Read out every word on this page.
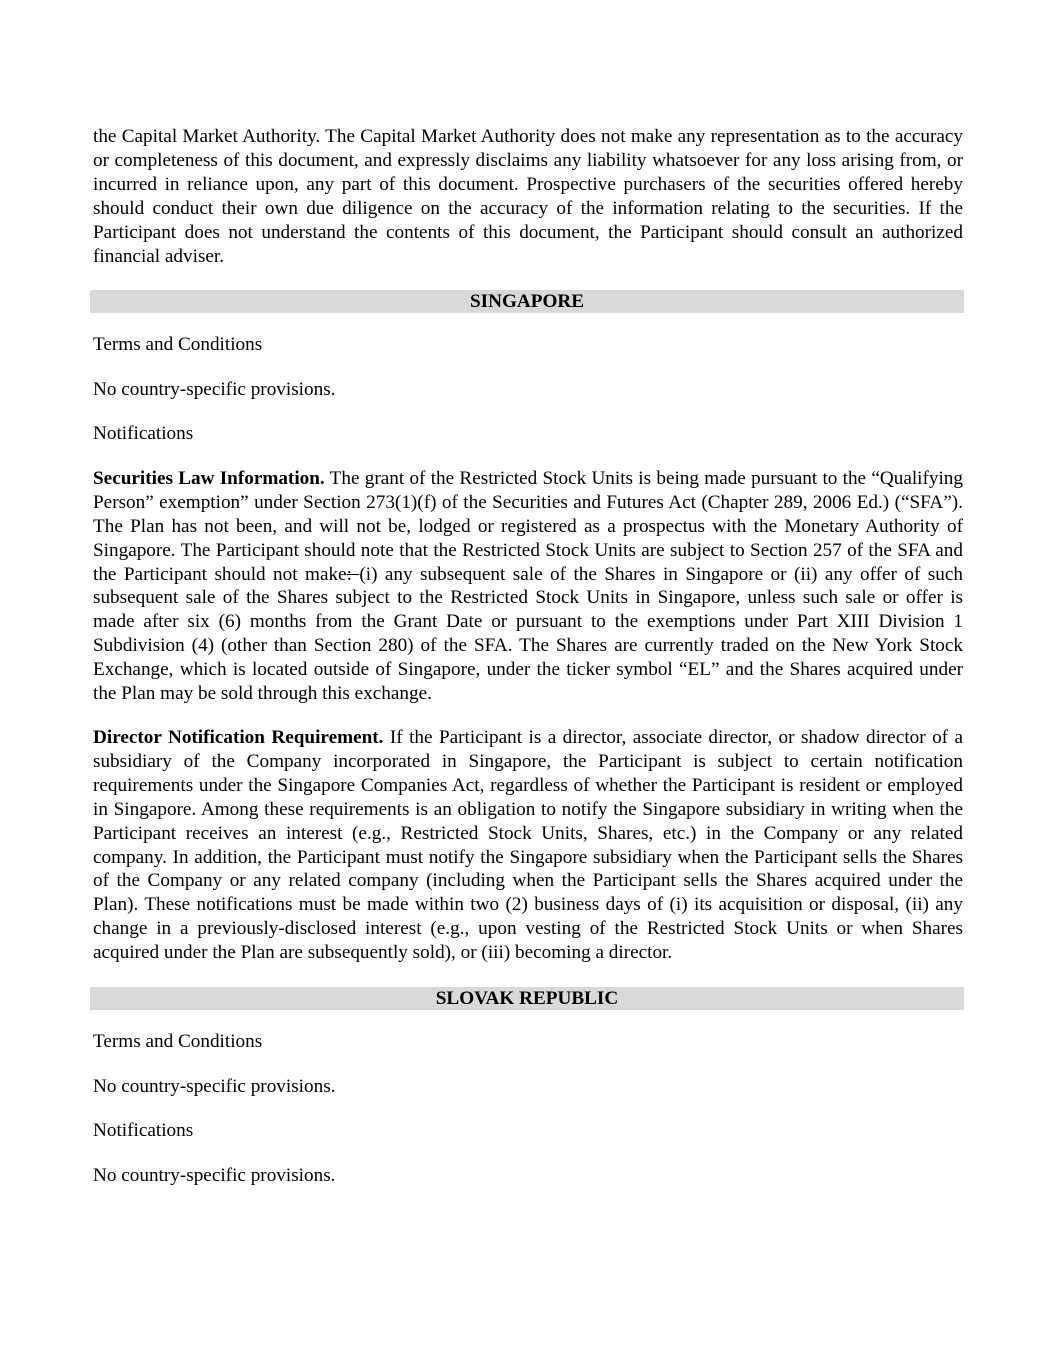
the Capital Market Authority. The Capital Market Authority does not make any representation as to the accuracy or completeness of this document, and expressly disclaims any liability whatsoever for any loss arising from, or incurred in reliance upon, any part of this document. Prospective purchasers of the securities offered hereby should conduct their own due diligence on the accuracy of the information relating to the securities. If the Participant does not understand the contents of this document, the Participant should consult an authorized financial adviser.

SINGAPORE

Terms and Conditions

No country-specific provisions.

Notifications

Securities Law Information. The grant of the Restricted Stock Units is being made pursuant to the “Qualifying Person” exemption” under Section 273(1)(f) of the Securities and Futures Act (Chapter 289, 2006 Ed.) (“SFA”). The Plan has not been, and will not be, lodged or registered as a prospectus with the Monetary Authority of Singapore. The Participant should note that the Restricted Stock Units are subject to Section 257 of the SFA and the Participant should not make: (i) any subsequent sale of the Shares in Singapore or (ii) any offer of such subsequent sale of the Shares subject to the Restricted Stock Units in Singapore, unless such sale or offer is made after six (6) months from the Grant Date or pursuant to the exemptions under Part XIII Division 1 Subdivision (4) (other than Section 280) of the SFA. The Shares are currently traded on the New York Stock Exchange, which is located outside of Singapore, under the ticker symbol “EL” and the Shares acquired under the Plan may be sold through this exchange.

Director Notification Requirement. If the Participant is a director, associate director, or shadow director of a subsidiary of the Company incorporated in Singapore, the Participant is subject to certain notification requirements under the Singapore Companies Act, regardless of whether the Participant is resident or employed in Singapore. Among these requirements is an obligation to notify the Singapore subsidiary in writing when the Participant receives an interest (e.g., Restricted Stock Units, Shares, etc.) in the Company or any related company. In addition, the Participant must notify the Singapore subsidiary when the Participant sells the Shares of the Company or any related company (including when the Participant sells the Shares acquired under the Plan). These notifications must be made within two (2) business days of (i) its acquisition or disposal, (ii) any change in a previously-disclosed interest (e.g., upon vesting of the Restricted Stock Units or when Shares acquired under the Plan are subsequently sold), or (iii) becoming a director.

SLOVAK REPUBLIC

Terms and Conditions

No country-specific provisions.

Notifications

No country-specific provisions.
